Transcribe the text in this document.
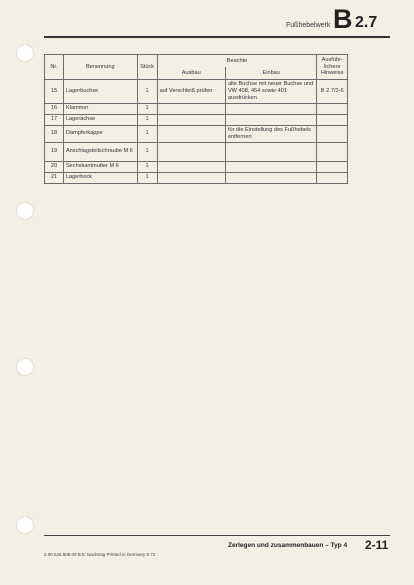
Fußhebelwerk B 2.7
Nr.	Benennung	Stück	Beachte		Ausführ-
lichere
Hinweise
			Ausbau	Einbau	
15	Lagerbuchse	1	auf Verschleiß prüfen	alte Buchse mit neuer Buchse und VW 408, 454 sowie 401 ausdrücken	B 2.7/3-6
16	Klammer	1			
17	Lagerachse	1			
18	Dämpferkappe	1		für die Einstellung des Fußhebels entfernen	
19	Anschlagsteilschraube M 6	1			
20	Sechskantmutter M 6	1			
21	Lagerbock	1			
Zerlegen und zusammenbauen – Typ 4 2-11
2.00.526.508.00 B 8. Nachtrag Printed in Germany 8.72
